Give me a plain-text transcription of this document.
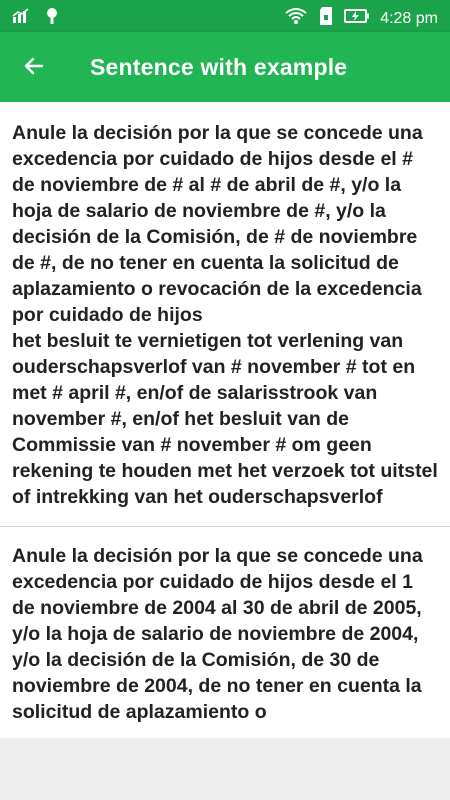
4:28 pm
Sentence with example
Anule la decisión por la que se concede una excedencia por cuidado de hijos desde el # de noviembre de # al # de abril de #, y/o la hoja de salario de noviembre de #, y/o la decisión de la Comisión, de # de noviembre de #, de no tener en cuenta la solicitud de aplazamiento o revocación de la excedencia por cuidado de hijos
het besluit te vernietigen tot verlening van ouderschapsverlof van # november # tot en met # april #, en/of de salarisstrook van november #, en/of het besluit van de Commissie van # november # om geen rekening te houden met het verzoek tot uitstel of intrekking van het ouderschapsverlof
Anule la decisión por la que se concede una excedencia por cuidado de hijos desde el 1 de noviembre de 2004 al 30 de abril de 2005, y/o la hoja de salario de noviembre de 2004, y/o la decisión de la Comisión, de 30 de noviembre de 2004, de no tener en cuenta la solicitud de aplazamiento o
